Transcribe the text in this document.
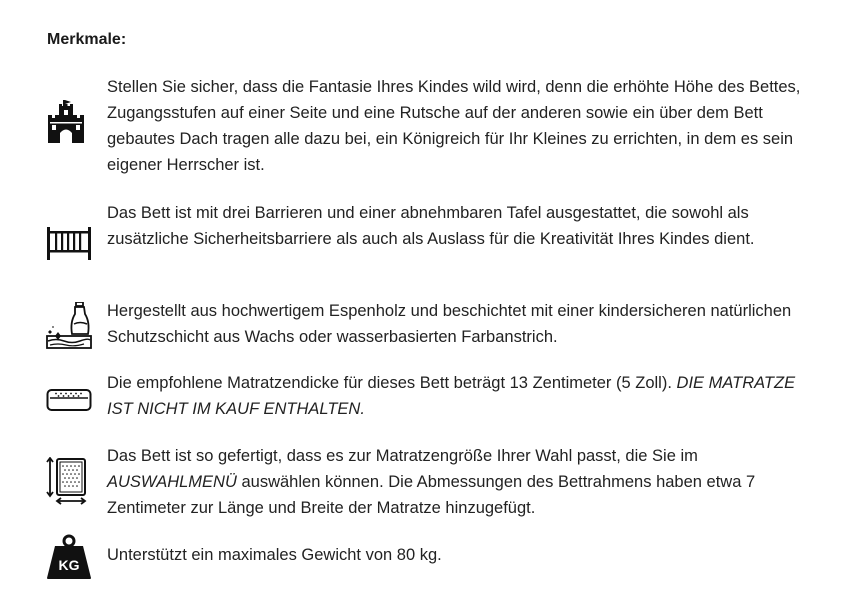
Merkmale:
Stellen Sie sicher, dass die Fantasie Ihres Kindes wild wird, denn die erhöhte Höhe des Bettes, Zugangsstufen auf einer Seite und eine Rutsche auf der anderen sowie ein über dem Bett gebautes Dach tragen alle dazu bei, ein Königreich für Ihr Kleines zu errichten, in dem es sein eigener Herrscher ist.
Das Bett ist mit drei Barrieren und einer abnehmbaren Tafel ausgestattet, die sowohl als zusätzliche Sicherheitsbarriere als auch als Auslass für die Kreativität Ihres Kindes dient.
Hergestellt aus hochwertigem Espenholz und beschichtet mit einer kindersicheren natürlichen Schutzschicht aus Wachs oder wasserbasierten Farbanstrich.
Die empfohlene Matratzendicke für dieses Bett beträgt 13 Zentimeter (5 Zoll). DIE MATRATZE IST NICHT IM KAUF ENTHALTEN.
Das Bett ist so gefertigt, dass es zur Matratzengröße Ihrer Wahl passt, die Sie im AUSWAHLMENÜ auswählen können. Die Abmessungen des Bettrahmens haben etwa 7 Zentimeter zur Länge und Breite der Matratze hinzugefügt.
KG
Unterstützt ein maximales Gewicht von 80 kg.
